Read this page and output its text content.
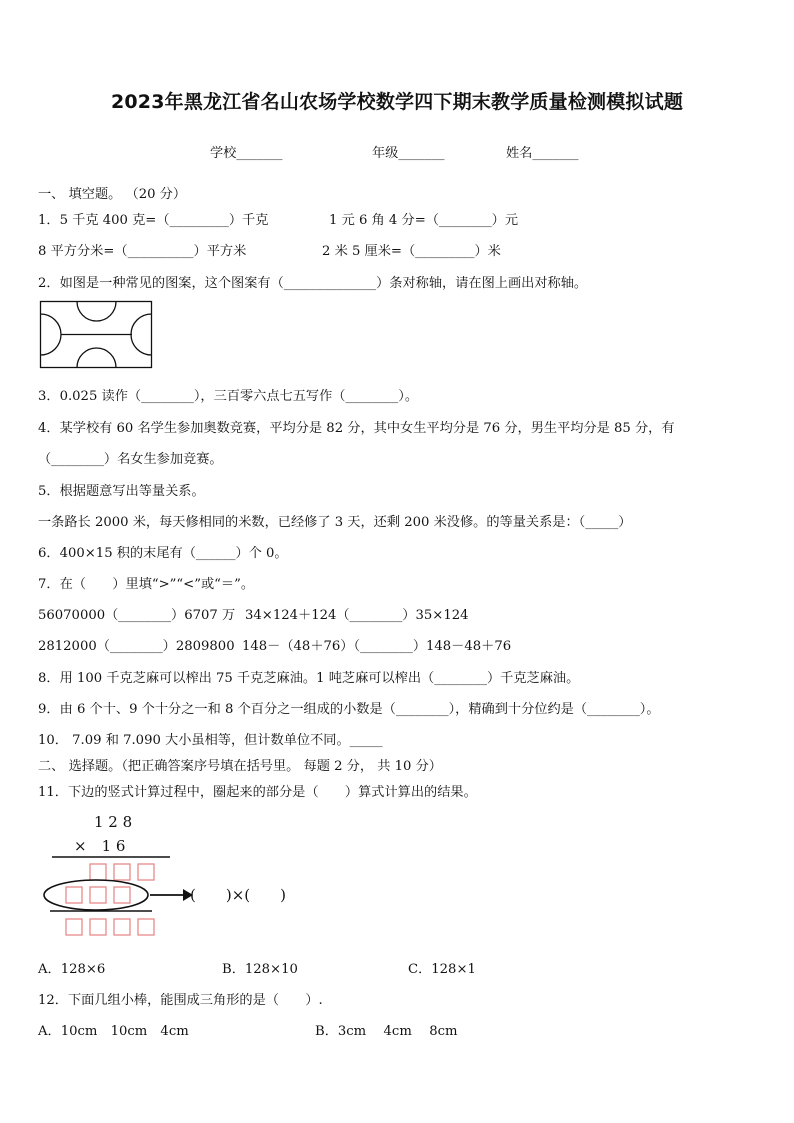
2023年黑龙江省名山农场学校数学四下期末教学质量检测模拟试题
学校_______	年级_______	姓名_______
一、 填空题。 （20 分）
1．5 千克 400 克=（_________）千克	1 元 6 角 4 分=（________）元
8 平方分米=（__________）平方米	2 米 5 厘米=（_________）米
2．如图是一种常见的图案，这个图案有（______________）条对称轴，请在图上画出对称轴。
3．0.025 读作（________），三百零六点七五写作（________）。
4．某学校有 60 名学生参加奥数竞赛，平均分是 82 分，其中女生平均分是 76 分，男生平均分是 85 分，有
（________）名女生参加竞赛。
5．根据题意写出等量关系。
一条路长 2000 米，每天修相同的米数，已经修了 3 天，还剩 200 米没修。的等量关系是：（_____）
6．400×15 积的末尾有（______）个 0。
7．在（　　）里填“>”“<”或“＝”。
56070000（________）6707 万 34×124＋124（________）35×124
2812000（________）2809800 148－（48＋76）（________）148－48＋76
8．用 100 千克芝麻可以榨出 75 千克芝麻油。1 吨芝麻可以榨出（________）千克芝麻油。
9．由 6 个十、9 个十分之一和 8 个百分之一组成的小数是（________），精确到十分位约是（________）。
10． 7.09 和 7.090 大小虽相等，但计数单位不同。_____
二、 选择题。（把正确答案序号填在括号里。 每题 2 分， 共 10 分）
11．下边的竖式计算过程中，圈起来的部分是（　　）算式计算出的结果。
1 2 8
×　1 6
(　　)×(　　)
A．128×6	B．128×10	C．128×1
12．下面几组小棒，能围成三角形的是（　　）.
A．10cm　10cm　4cm	B．3cm　 4cm　 8cm
